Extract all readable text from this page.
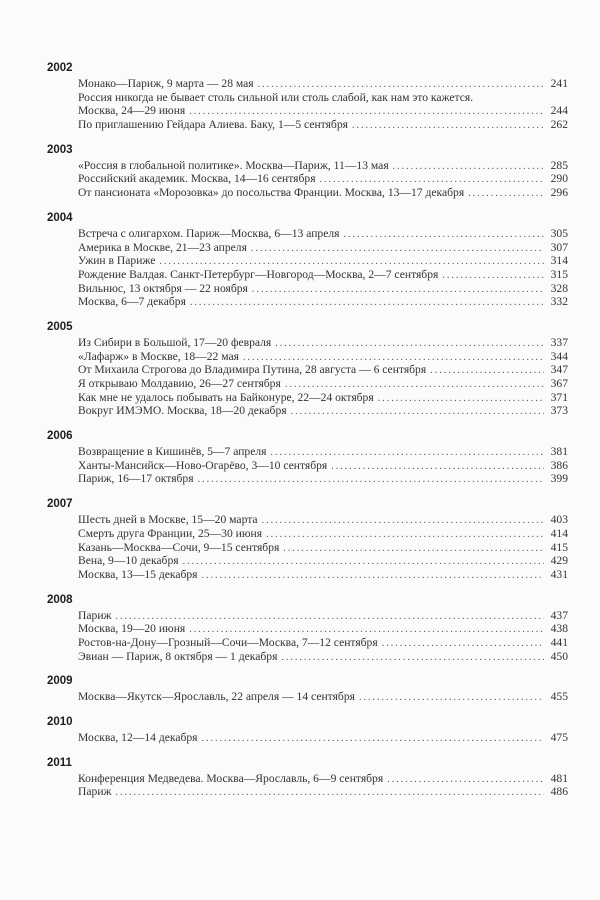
2002
Монако—Париж, 9 марта — 28 мая . . .	241
Россия никогда не бывает столь сильной или столь слабой, как нам это кажется.
Москва, 24—29 июня . . .	244
По приглашению Гейдара Алиева. Баку, 1—5 сентября . . .	262
2003
«Россия в глобальной политике». Москва—Париж, 11—13 мая . . .	285
Российский академик. Москва, 14—16 сентября . . .	290
От пансионата «Морозовка» до посольства Франции. Москва, 13—17 декабря . . .	296
2004
Встреча с олигархом. Париж—Москва, 6—13 апреля . . .	305
Америка в Москве, 21—23 апреля . . .	307
Ужин в Париже . . .	314
Рождение Валдая. Санкт-Петербург—Новгород—Москва, 2—7 сентября . . .	315
Вильнюс, 13 октября — 22 ноября . . .	328
Москва, 6—7 декабря . . .	332
2005
Из Сибири в Большой, 17—20 февраля . . .	337
«Лафарж» в Москве, 18—22 мая . . .	344
От Михаила Строгова до Владимира Путина, 28 августа — 6 сентября . . .	347
Я открываю Молдавию, 26—27 сентября . . .	367
Как мне не удалось побывать на Байконуре, 22—24 октября . . .	371
Вокруг ИМЭМО. Москва, 18—20 декабря . . .	373
2006
Возвращение в Кишинёв, 5—7 апреля . . .	381
Ханты-Мансийск—Ново-Огарёво, 3—10 сентября . . .	386
Париж, 16—17 октября . . .	399
2007
Шесть дней в Москве, 15—20 марта . . .	403
Смерть друга Франции, 25—30 июня . . .	414
Казань—Москва—Сочи, 9—15 сентября . . .	415
Вена, 9—10 декабря . . .	429
Москва, 13—15 декабря . . .	431
2008
Париж . . .	437
Москва, 19—20 июня . . .	438
Ростов-на-Дону—Грозный—Сочи—Москва, 7—12 сентября . . .	441
Эвиан — Париж, 8 октября — 1 декабря . . .	450
2009
Москва—Якутск—Ярославль, 22 апреля — 14 сентября . . .	455
2010
Москва, 12—14 декабря . . .	475
2011
Конференция Медведева. Москва—Ярославль, 6—9 сентября . . .	481
Париж . . .	486
